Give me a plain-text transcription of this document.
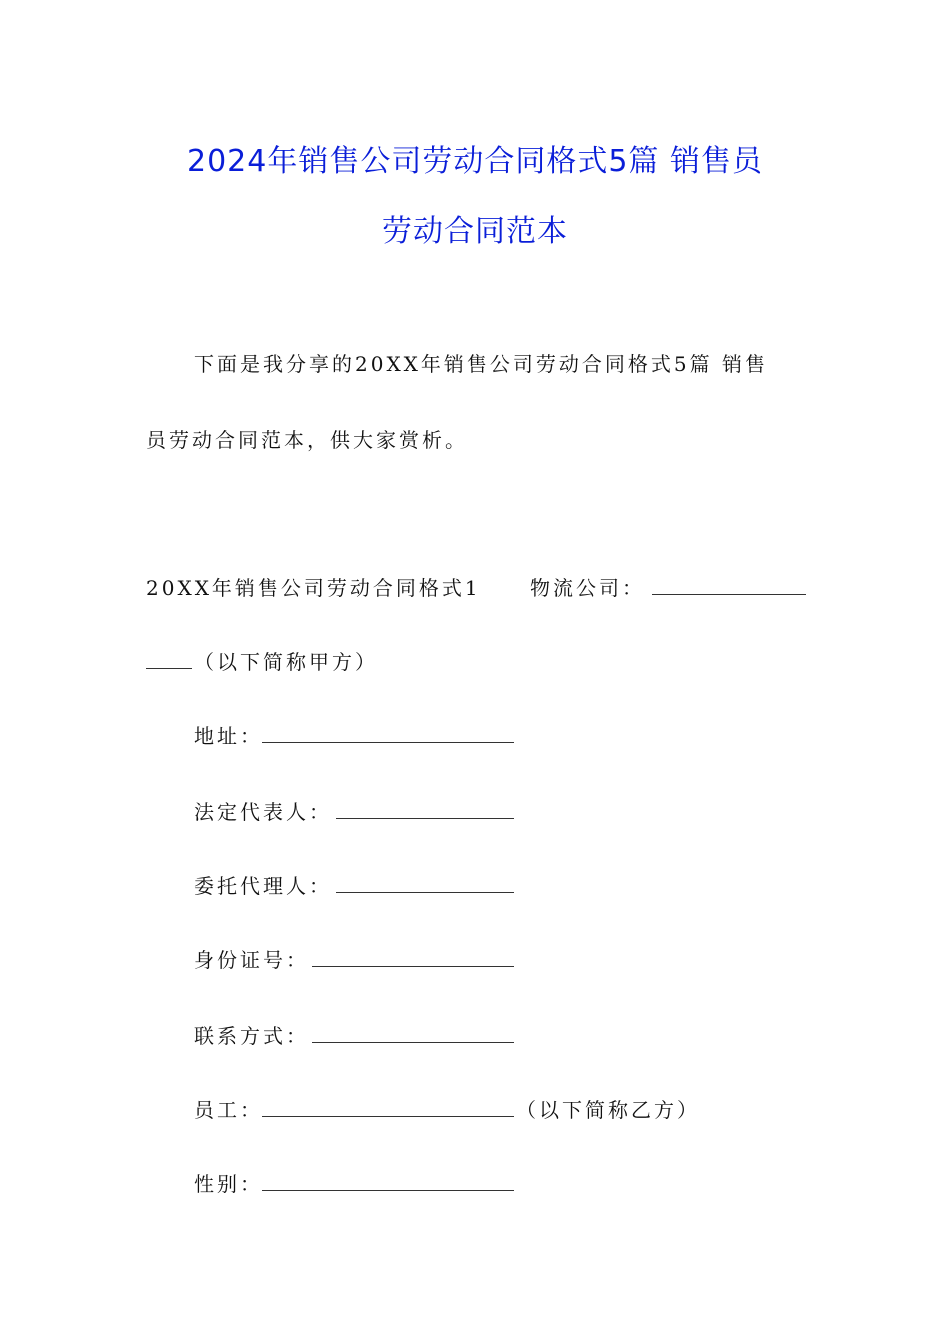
2024年销售公司劳动合同格式5篇 销售员
劳动合同范本
下面是我分享的20XX年销售公司劳动合同格式5篇 销售
员劳动合同范本，供大家赏析。
20XX年销售公司劳动合同格式1 物流公司：
（以下简称甲方）
地址：
法定代表人：
委托代理人：
身份证号：
联系方式：
员工：	（以下简称乙方）
性别：
